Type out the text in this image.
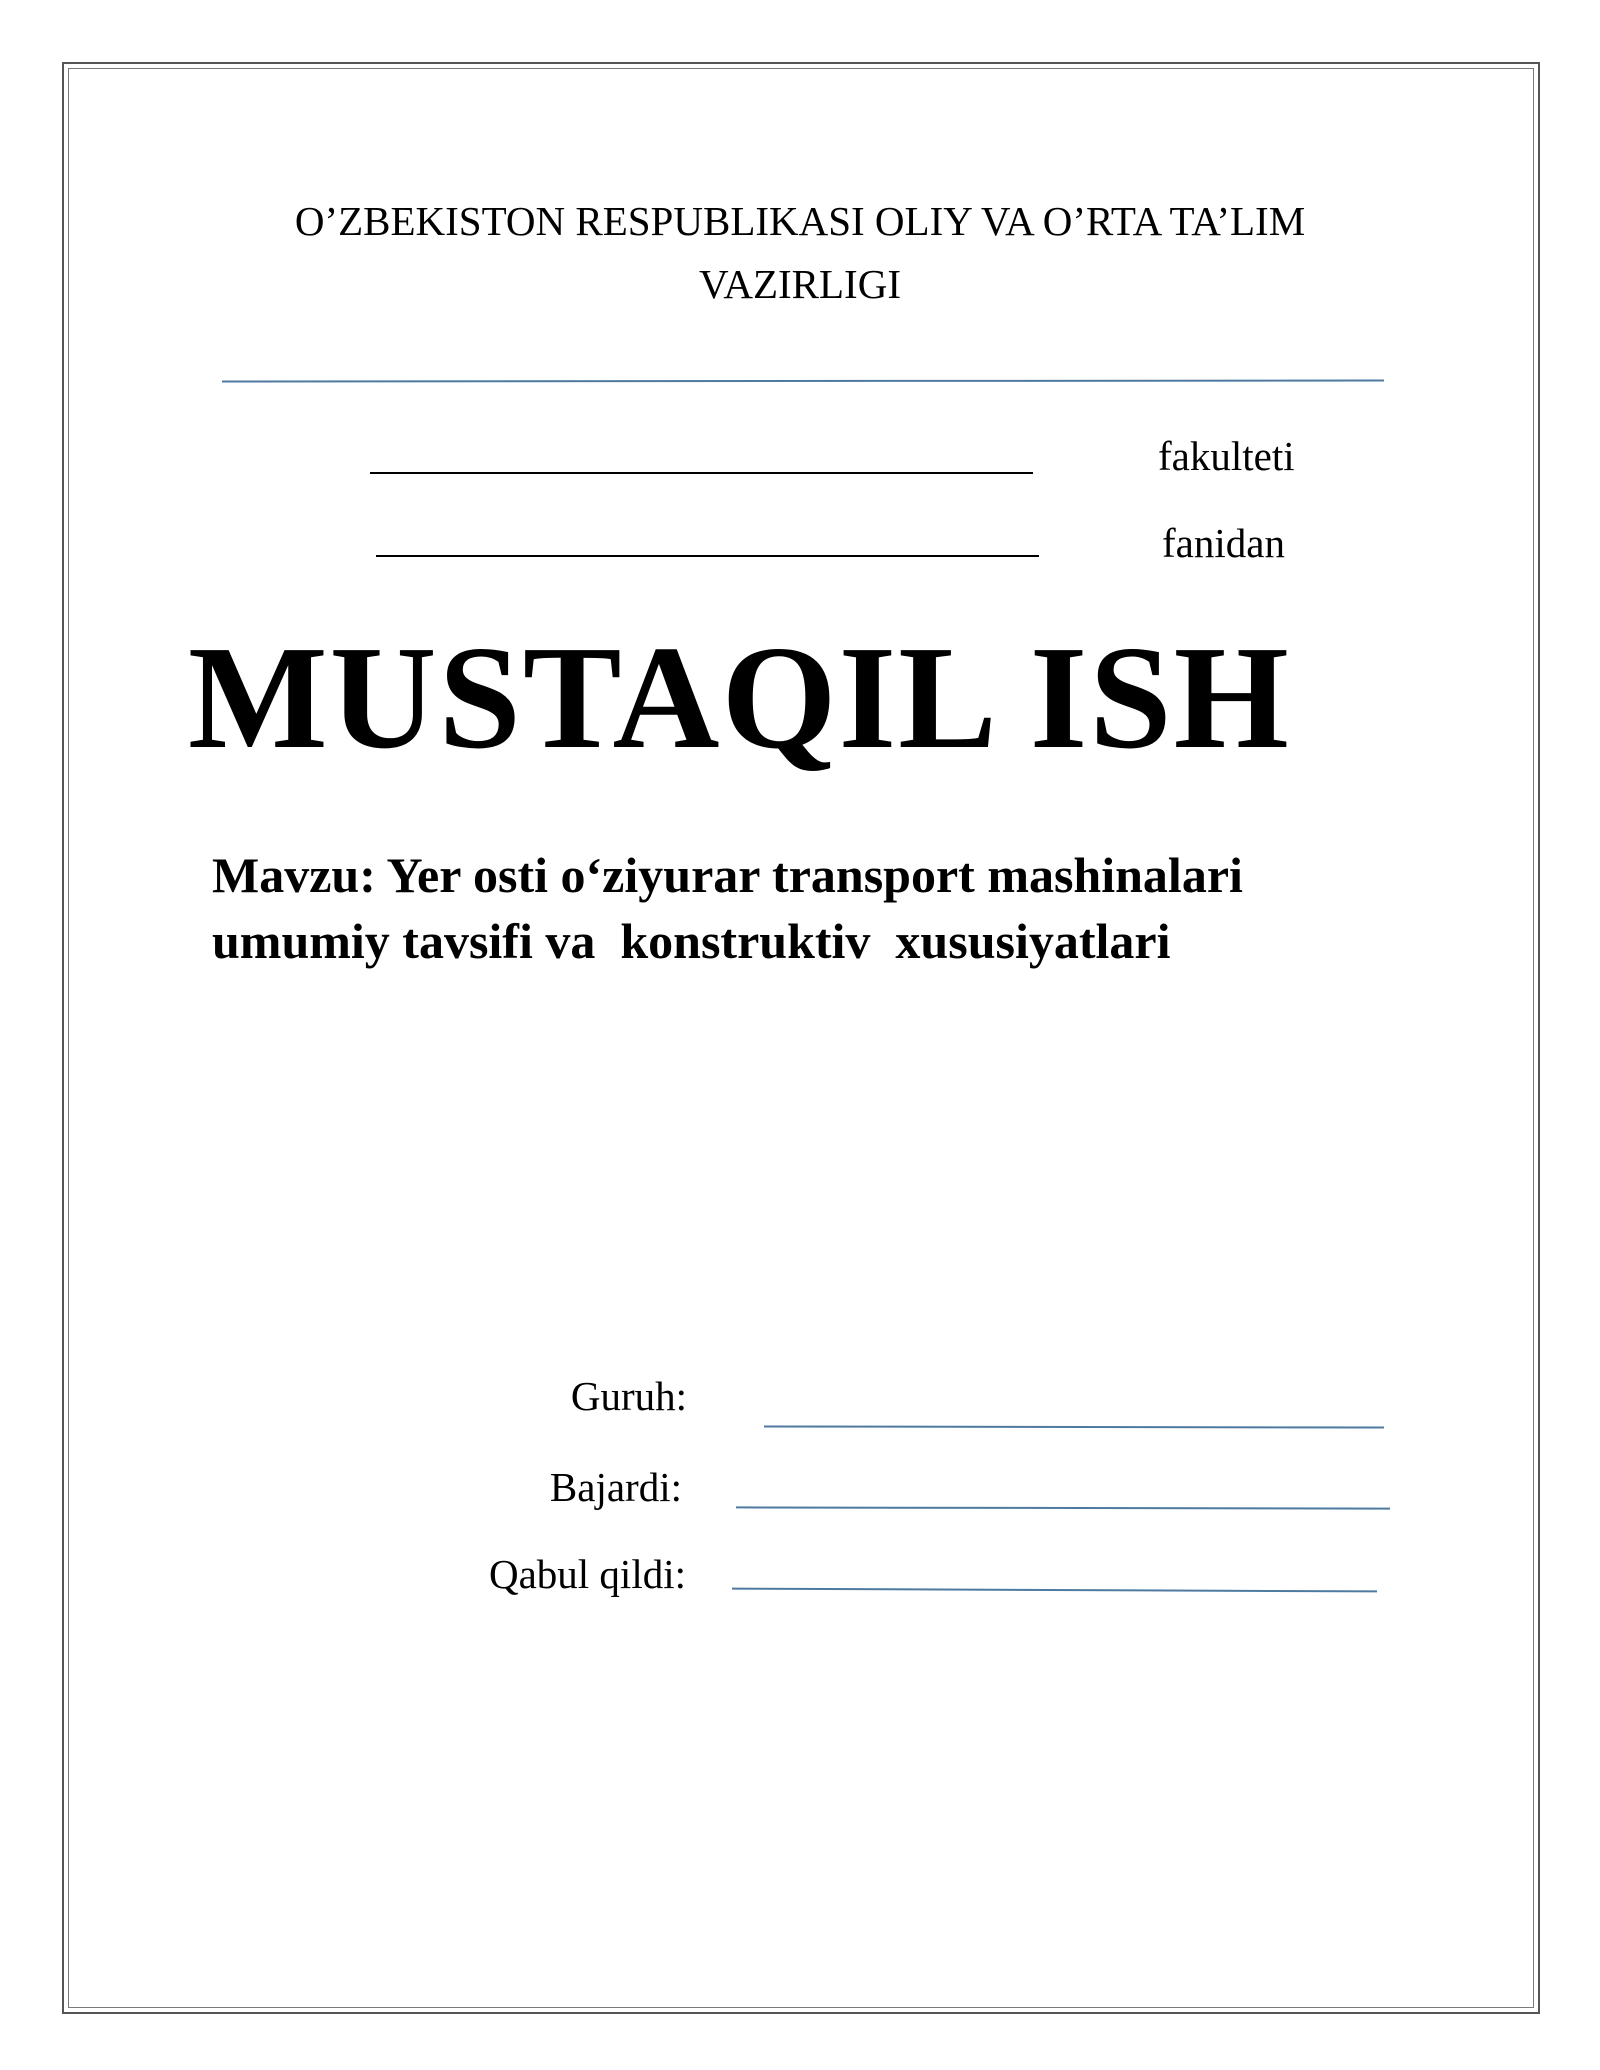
O’ZBEKISTON RESPUBLIKASI OLIY VA O’RTA TA’LIM
VAZIRLIGI
fakulteti
fanidan
MUSTAQIL ISH
Mavzu: Yer osti o‘ziyurar transport mashinalari
umumiy tavsifi va  konstruktiv  xususiyatlari
Guruh:
Bajardi:
Qabul qildi:
